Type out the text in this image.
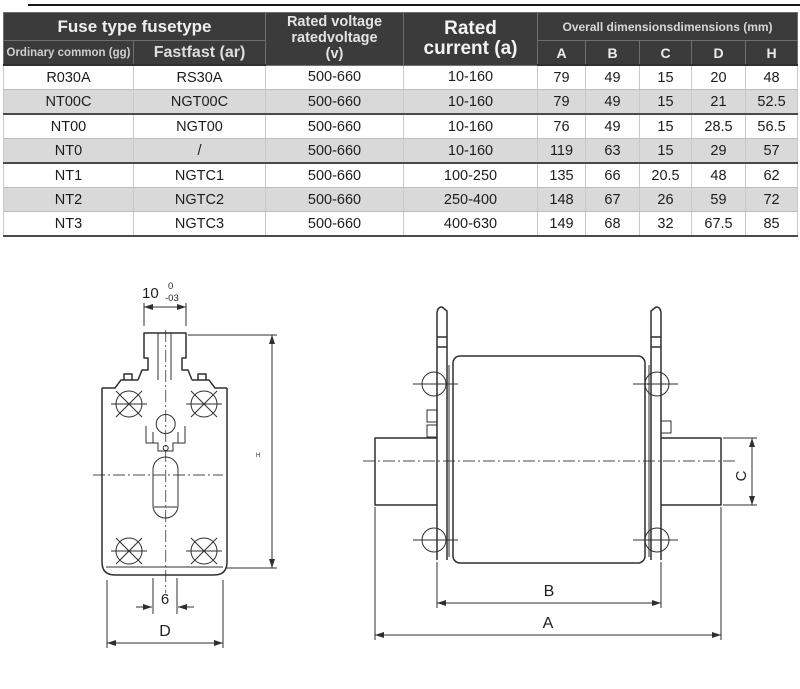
Fuse type fusetype	Rated voltage
ratedvoltage
(v)

Rated
current (a)
	Overall dimensionsdimensions (mm)
Ordinary common (gg)	Fastfast (ar)			A	B	C	D	H
R030A	RS30A	500-660	10-160	79	49	15	20	48
NT00C	NGT00C	500-660	10-160	79	49	15	21	52.5
NT00	NGT00	500-660	10-160	76	49	15	28.5	56.5
NT0	/	500-660	10-160	119	63	15	29	57
NT1	NGTC1	500-660	100-250	135	66	20.5	48	62
NT2	NGTC2	500-660	250-400	148	67	26	59	72
NT3	NGTC3	500-660	400-630	149	68	32	67.5	85
10 0
-03
H
6
D
C
B
A
